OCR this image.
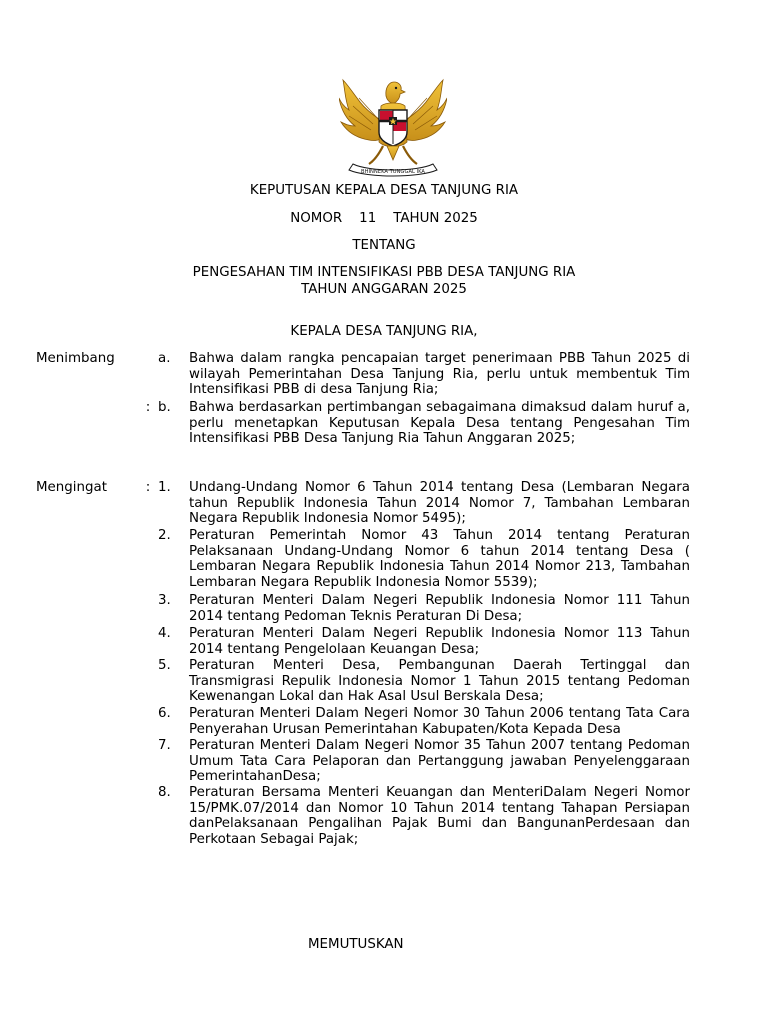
BHINNEKA TUNGGAL IKA
KEPUTUSAN KEPALA DESA TANJUNG RIA
NOMOR    11    TAHUN 2025
TENTANG
PENGESAHAN TIM INTENSIFIKASI PBB DESA TANJUNG RIA
TAHUN ANGGARAN 2025
KEPALA DESA TANJUNG RIA,
Menimbang	a.	Bahwa dalam rangka pencapaian target penerimaan PBB Tahun 2025 di wilayah Pemerintahan Desa Tanjung Ria, perlu untuk membentuk Tim Intensifikasi PBB di desa Tanjung Ria;
: b.	Bahwa berdasarkan pertimbangan sebagaimana dimaksud dalam huruf a, perlu menetapkan Keputusan Kepala Desa tentang Pengesahan Tim Intensifikasi PBB Desa Tanjung Ria Tahun Anggaran 2025;
Mengingat	: 1.	Undang-Undang Nomor 6 Tahun 2014 tentang Desa (Lembaran Negara tahun Republik Indonesia Tahun 2014 Nomor 7, Tambahan Lembaran Negara Republik Indonesia Nomor 5495);
2.	Peraturan Pemerintah Nomor 43 Tahun 2014 tentang Peraturan Pelaksanaan Undang-Undang Nomor 6 tahun 2014 tentang Desa ( Lembaran Negara Republik Indonesia Tahun 2014 Nomor 213, Tambahan Lembaran Negara Republik Indonesia Nomor 5539);
3.	Peraturan Menteri Dalam Negeri Republik Indonesia Nomor 111 Tahun 2014 tentang Pedoman Teknis Peraturan Di Desa;
4.	Peraturan Menteri Dalam Negeri Republik Indonesia Nomor 113 Tahun 2014 tentang Pengelolaan Keuangan Desa;
5.	Peraturan Menteri Desa, Pembangunan Daerah Tertinggal dan Transmigrasi Repulik Indonesia Nomor 1 Tahun 2015 tentang Pedoman Kewenangan Lokal dan Hak Asal Usul Berskala Desa;
6.	Peraturan Menteri Dalam Negeri Nomor 30 Tahun 2006 tentang Tata Cara Penyerahan Urusan Pemerintahan Kabupaten/Kota Kepada Desa
7.	Peraturan Menteri Dalam Negeri Nomor 35 Tahun 2007 tentang Pedoman Umum Tata Cara Pelaporan dan Pertanggung jawaban Penyelenggaraan PemerintahanDesa;
8.	Peraturan Bersama Menteri Keuangan dan MenteriDalam Negeri Nomor 15/PMK.07/2014 dan Nomor 10 Tahun 2014 tentang Tahapan Persiapan danPelaksanaan Pengalihan Pajak Bumi dan BangunanPerdesaan dan Perkotaan Sebagai Pajak;
MEMUTUSKAN
